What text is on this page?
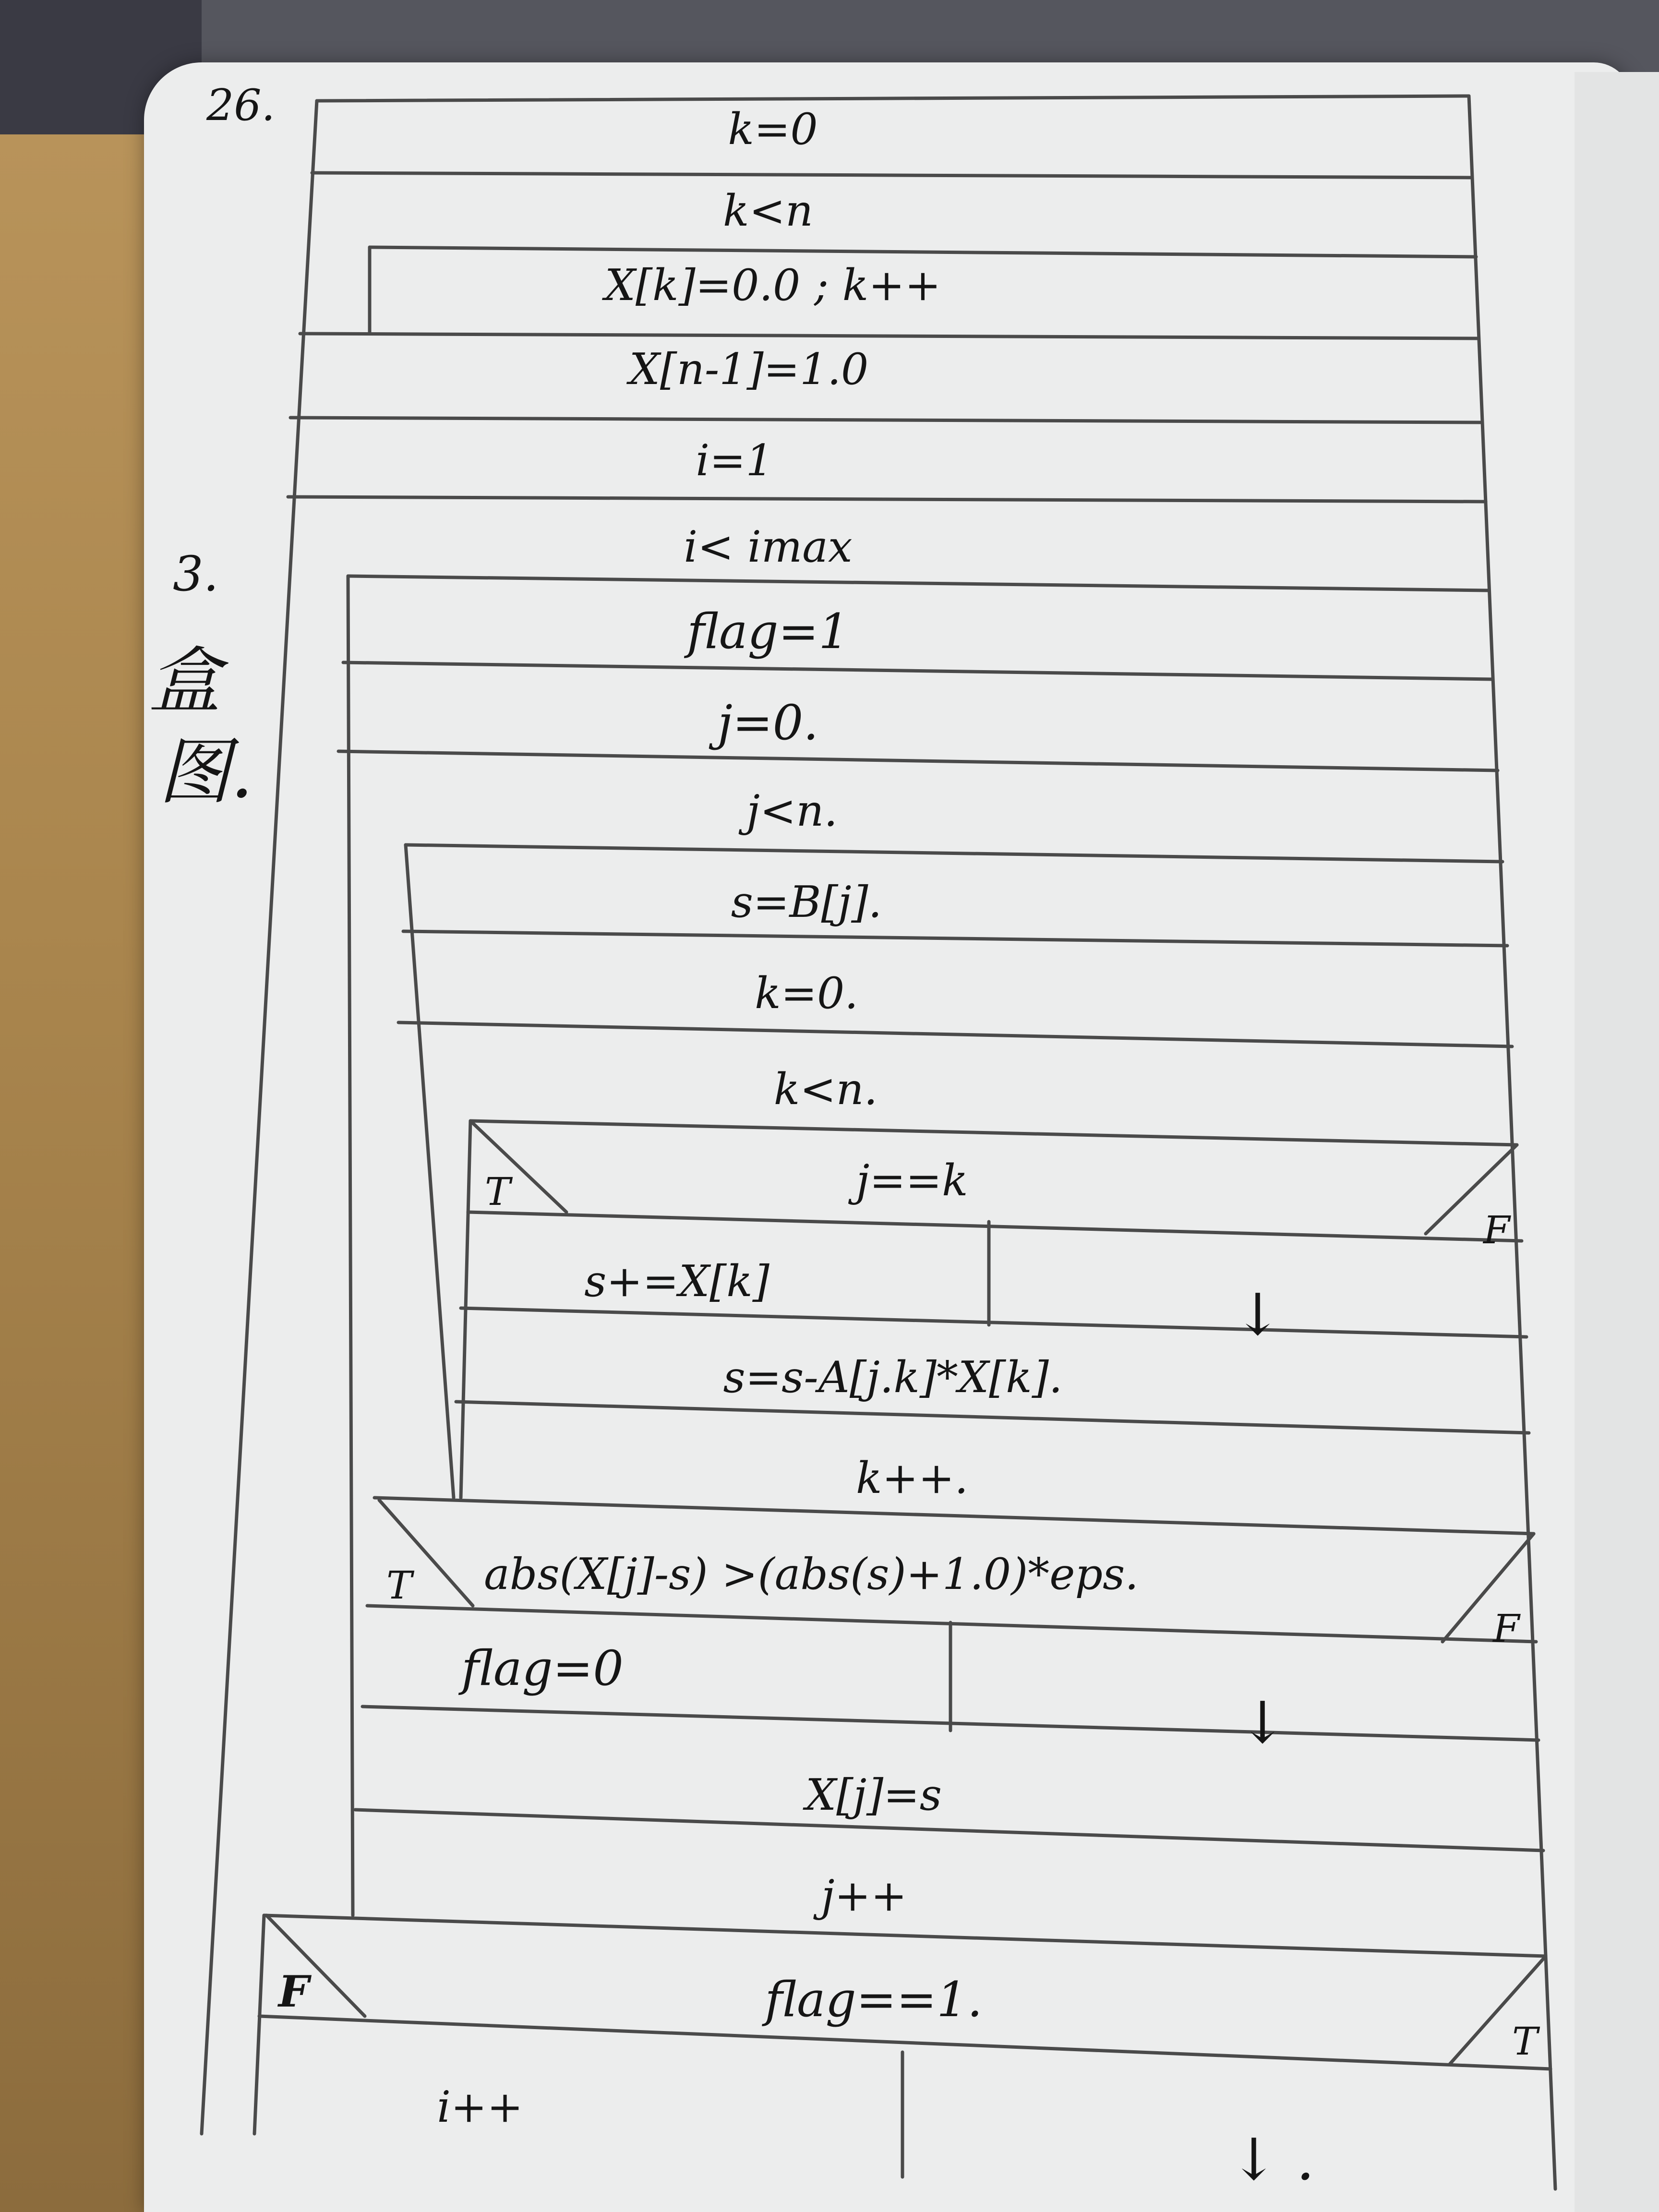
26.
3.
盒
图.
k=0
k<n
X[k]=0.0 ; k++
X[n-1]=1.0
i=1
i< imax
flag=1
j=0.
j<n.
s=B[j].
k=0.
k<n.
j==k
s+=X[k]
s=s-A[j.k]*X[k].
k++.
abs(X[j]-s) >(abs(s)+1.0)*eps.
flag=0
X[j]=s
j++
flag==1.
i++
T
F
T
F
F
T
↓
↓
↓ .
